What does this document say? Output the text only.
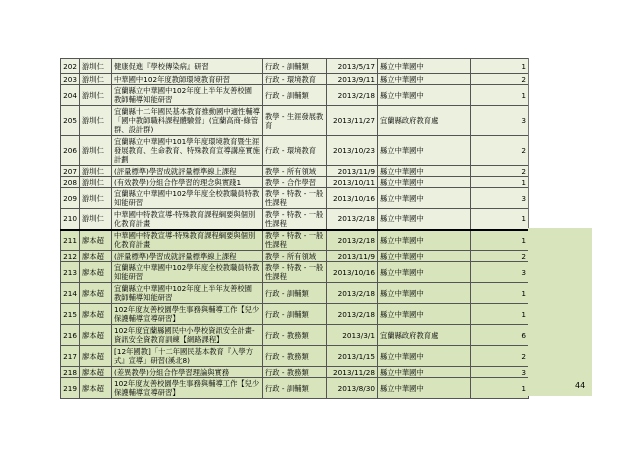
202	游圳仁	健康促進『學校傳染病』研習	行政 - 訓輔類	2013/5/17	縣立中華國中	1
203	游圳仁	中華國中102年度教師環境教育研習	行政 - 環境教育	2013/9/11	縣立中華國中	2
204	游圳仁	宜蘭縣立中華國中102年度上半年友善校園 教師輔導知能研習	行政 - 訓輔類	2013/2/18	縣立中華國中	1
205	游圳仁	宜蘭縣十二年國民基本教育推動國中適性輔導「國中教師職科課程體驗營」(宜蘭高商-綠管群、設計群)	教學 - 生涯發展教育	2013/11/27	宜蘭縣政府教育處	3
206	游圳仁	宜蘭縣立中華國中101學年度環境教育暨生涯發展教育、生命教育、特殊教育宣導講座實施計劃	行政 - 環境教育	2013/10/23	縣立中華國中	2
207	游圳仁	(評量標準)學習成就評量標準線上課程	教學 - 所有領域	2013/11/9	縣立中華國中	2
208	游圳仁	(有效教學)分組合作學習的理念與實踐1	教學 - 合作學習	2013/10/11	縣立中華國中	1
209	游圳仁	宜蘭縣立中華國中102學年度全校教職員特教知能研習	教學 - 特教 - 一般性課程	2013/10/16	縣立中華國中	3
210	游圳仁	中華國中特教宣導-特殊教育課程綱要與個別化教育計畫	教學 - 特教 - 一般性課程	2013/2/18	縣立中華國中	1
211	廖本超	中華國中特教宣導-特殊教育課程綱要與個別化教育計畫	教學 - 特教 - 一般性課程	2013/2/18	縣立中華國中	1
212	廖本超	(評量標準)學習成就評量標準線上課程	教學 - 所有領域	2013/11/9	縣立中華國中	2
213	廖本超	宜蘭縣立中華國中102學年度全校教職員特教知能研習	教學 - 特教 - 一般性課程	2013/10/16	縣立中華國中	3
214	廖本超	宜蘭縣立中華國中102年度上半年友善校園 教師輔導知能研習	行政 - 訓輔類	2013/2/18	縣立中華國中	1
215	廖本超	102年度友善校園學生事務與輔導工作【兒少保護輔導宣導研習】	行政 - 訓輔類	2013/2/18	縣立中華國中	1
216	廖本超	102年度宜蘭縣國民中小學校資訊安全計畫-資訊安全資教育訓練【網路課程】	行政 - 教務類	2013/3/1	宜蘭縣政府教育處	6
217	廖本超	[12年國教]「十二年國民基本教育『入學方式』宣導」研習(溪北8)	行政 - 教務類	2013/1/15	縣立中華國中	2
218	廖本超	(差異教學)分組合作學習理論與實務	行政 - 教務類	2013/11/28	縣立中華國中	3
219	廖本超	102年度友善校園學生事務與輔導工作【兒少保護輔導宣導研習】	行政 - 訓輔類	2013/8/30	縣立中華國中	1	44
